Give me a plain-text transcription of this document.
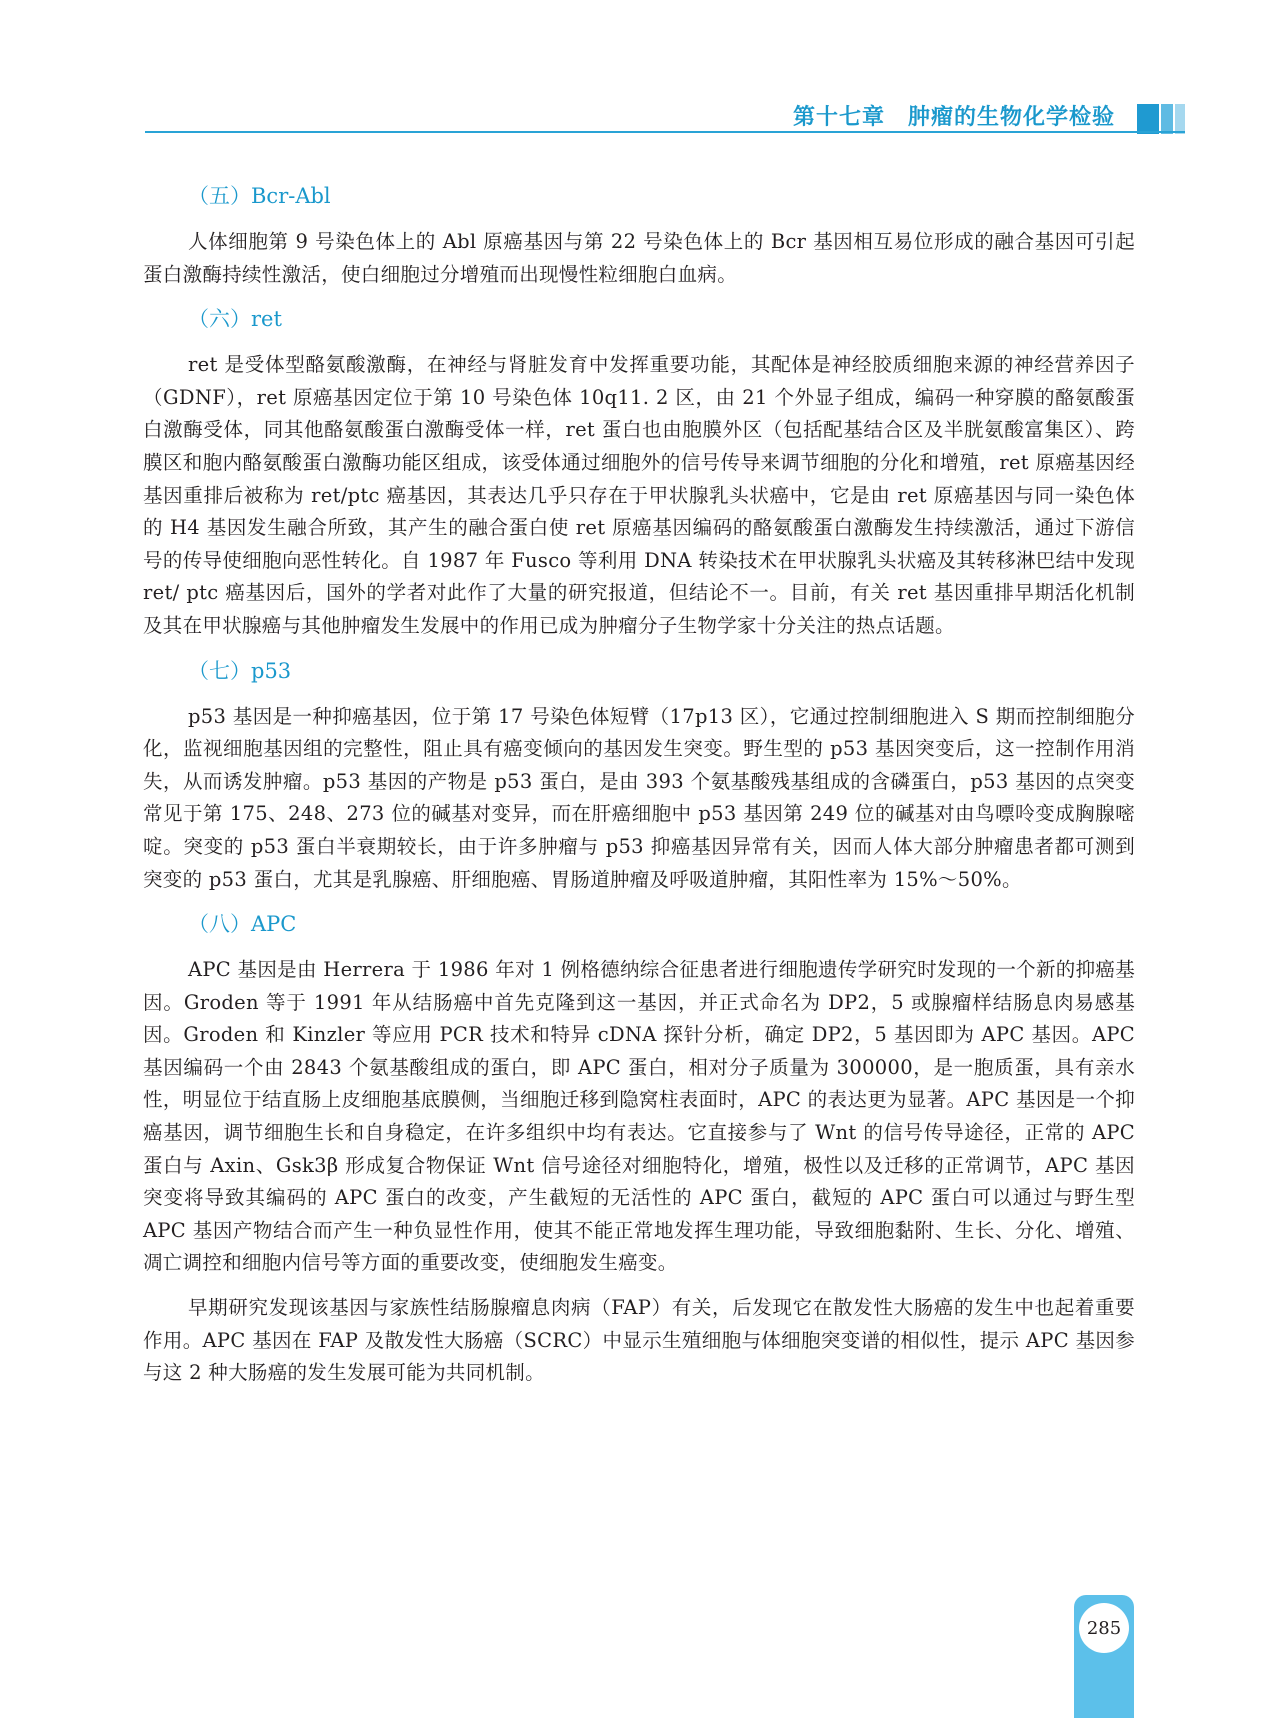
第十七章　肿瘤的生物化学检验
（五）Bcr-Abl

人体细胞第 9 号染色体上的 Abl 原癌基因与第 22 号染色体上的 Bcr 基因相互易位形成的融合基因可引起蛋白激酶持续性激活，使白细胞过分增殖而出现慢性粒细胞白血病。

（六）ret

ret 是受体型酪氨酸激酶，在神经与肾脏发育中发挥重要功能，其配体是神经胶质细胞来源的神经营养因子（GDNF），ret 原癌基因定位于第 10 号染色体 10q11. 2 区，由 21 个外显子组成，编码一种穿膜的酪氨酸蛋白激酶受体，同其他酪氨酸蛋白激酶受体一样，ret 蛋白也由胞膜外区（包括配基结合区及半胱氨酸富集区）、跨膜区和胞内酪氨酸蛋白激酶功能区组成，该受体通过细胞外的信号传导来调节细胞的分化和增殖，ret 原癌基因经基因重排后被称为 ret/ptc 癌基因，其表达几乎只存在于甲状腺乳头状癌中，它是由 ret 原癌基因与同一染色体的 H4 基因发生融合所致，其产生的融合蛋白使 ret 原癌基因编码的酪氨酸蛋白激酶发生持续激活，通过下游信号的传导使细胞向恶性转化。自 1987 年 Fusco 等利用 DNA 转染技术在甲状腺乳头状癌及其转移淋巴结中发现 ret/ ptc 癌基因后，国外的学者对此作了大量的研究报道，但结论不一。目前，有关 ret 基因重排早期活化机制及其在甲状腺癌与其他肿瘤发生发展中的作用已成为肿瘤分子生物学家十分关注的热点话题。

（七）p53

p53 基因是一种抑癌基因，位于第 17 号染色体短臂（17p13 区），它通过控制细胞进入 S 期而控制细胞分化，监视细胞基因组的完整性，阻止具有癌变倾向的基因发生突变。野生型的 p53 基因突变后，这一控制作用消失，从而诱发肿瘤。p53 基因的产物是 p53 蛋白，是由 393 个氨基酸残基组成的含磷蛋白，p53 基因的点突变常见于第 175、248、273 位的碱基对变异，而在肝癌细胞中 p53 基因第 249 位的碱基对由鸟嘌呤变成胸腺嘧啶。突变的 p53 蛋白半衰期较长，由于许多肿瘤与 p53 抑癌基因异常有关，因而人体大部分肿瘤患者都可测到突变的 p53 蛋白，尤其是乳腺癌、肝细胞癌、胃肠道肿瘤及呼吸道肿瘤，其阳性率为 15%～50%。

（八）APC

APC 基因是由 Herrera 于 1986 年对 1 例格德纳综合征患者进行细胞遗传学研究时发现的一个新的抑癌基因。Groden 等于 1991 年从结肠癌中首先克隆到这一基因，并正式命名为 DP2，5 或腺瘤样结肠息肉易感基因。Groden 和 Kinzler 等应用 PCR 技术和特异 cDNA 探针分析，确定 DP2，5 基因即为 APC 基因。APC 基因编码一个由 2843 个氨基酸组成的蛋白，即 APC 蛋白，相对分子质量为 300000，是一胞质蛋，具有亲水性，明显位于结直肠上皮细胞基底膜侧，当细胞迁移到隐窝柱表面时，APC 的表达更为显著。APC 基因是一个抑癌基因，调节细胞生长和自身稳定，在许多组织中均有表达。它直接参与了 Wnt 的信号传导途径，正常的 APC 蛋白与 Axin、Gsk3β 形成复合物保证 Wnt 信号途径对细胞特化，增殖，极性以及迁移的正常调节，APC 基因突变将导致其编码的 APC 蛋白的改变，产生截短的无活性的 APC 蛋白，截短的 APC 蛋白可以通过与野生型 APC 基因产物结合而产生一种负显性作用，使其不能正常地发挥生理功能，导致细胞黏附、生长、分化、增殖、凋亡调控和细胞内信号等方面的重要改变，使细胞发生癌变。

早期研究发现该基因与家族性结肠腺瘤息肉病（FAP）有关，后发现它在散发性大肠癌的发生中也起着重要作用。APC 基因在 FAP 及散发性大肠癌（SCRC）中显示生殖细胞与体细胞突变谱的相似性，提示 APC 基因参与这 2 种大肠癌的发生发展可能为共同机制。

285
